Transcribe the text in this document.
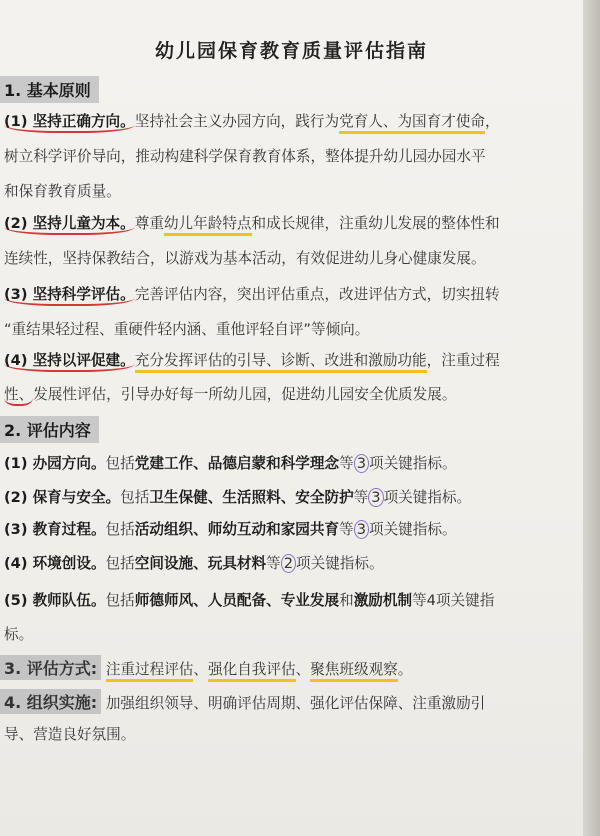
幼儿园保育教育质量评估指南
1. 基本原则
(1) 坚持正确方向。坚持社会主义办园方向，践行为党育人、为国育才使命，
树立科学评价导向，推动构建科学保育教育体系，整体提升幼儿园办园水平
和保育教育质量。
(2) 坚持儿童为本。尊重幼儿年龄特点和成长规律，注重幼儿发展的整体性和
连续性，坚持保教结合，以游戏为基本活动，有效促进幼儿身心健康发展。
(3) 坚持科学评估。完善评估内容，突出评估重点，改进评估方式，切实扭转
“重结果轻过程、重硬件轻内涵、重他评轻自评”等倾向。
(4) 坚持以评促建。充分发挥评估的引导、诊断、改进和激励功能，注重过程
性、发展性评估，引导办好每一所幼儿园，促进幼儿园安全优质发展。
2. 评估内容
(1) 办园方向。包括党建工作、品德启蒙和科学理念等 3 项关键指标。
(2) 保育与安全。包括卫生保健、生活照料、安全防护等 3 项关键指标。
(3) 教育过程。包括活动组织、师幼互动和家园共育等 3 项关键指标。
(4) 环境创设。包括空间设施、玩具材料等 2 项关键指标。
(5) 教师队伍。包括师德师风、人员配备、专业发展和激励机制等4项关键指
标。
3. 评估方式: 注重过程评估、强化自我评估、聚焦班级观察。
4. 组织实施: 加强组织领导、明确评估周期、强化评估保障、注重激励引
导、营造良好氛围。
